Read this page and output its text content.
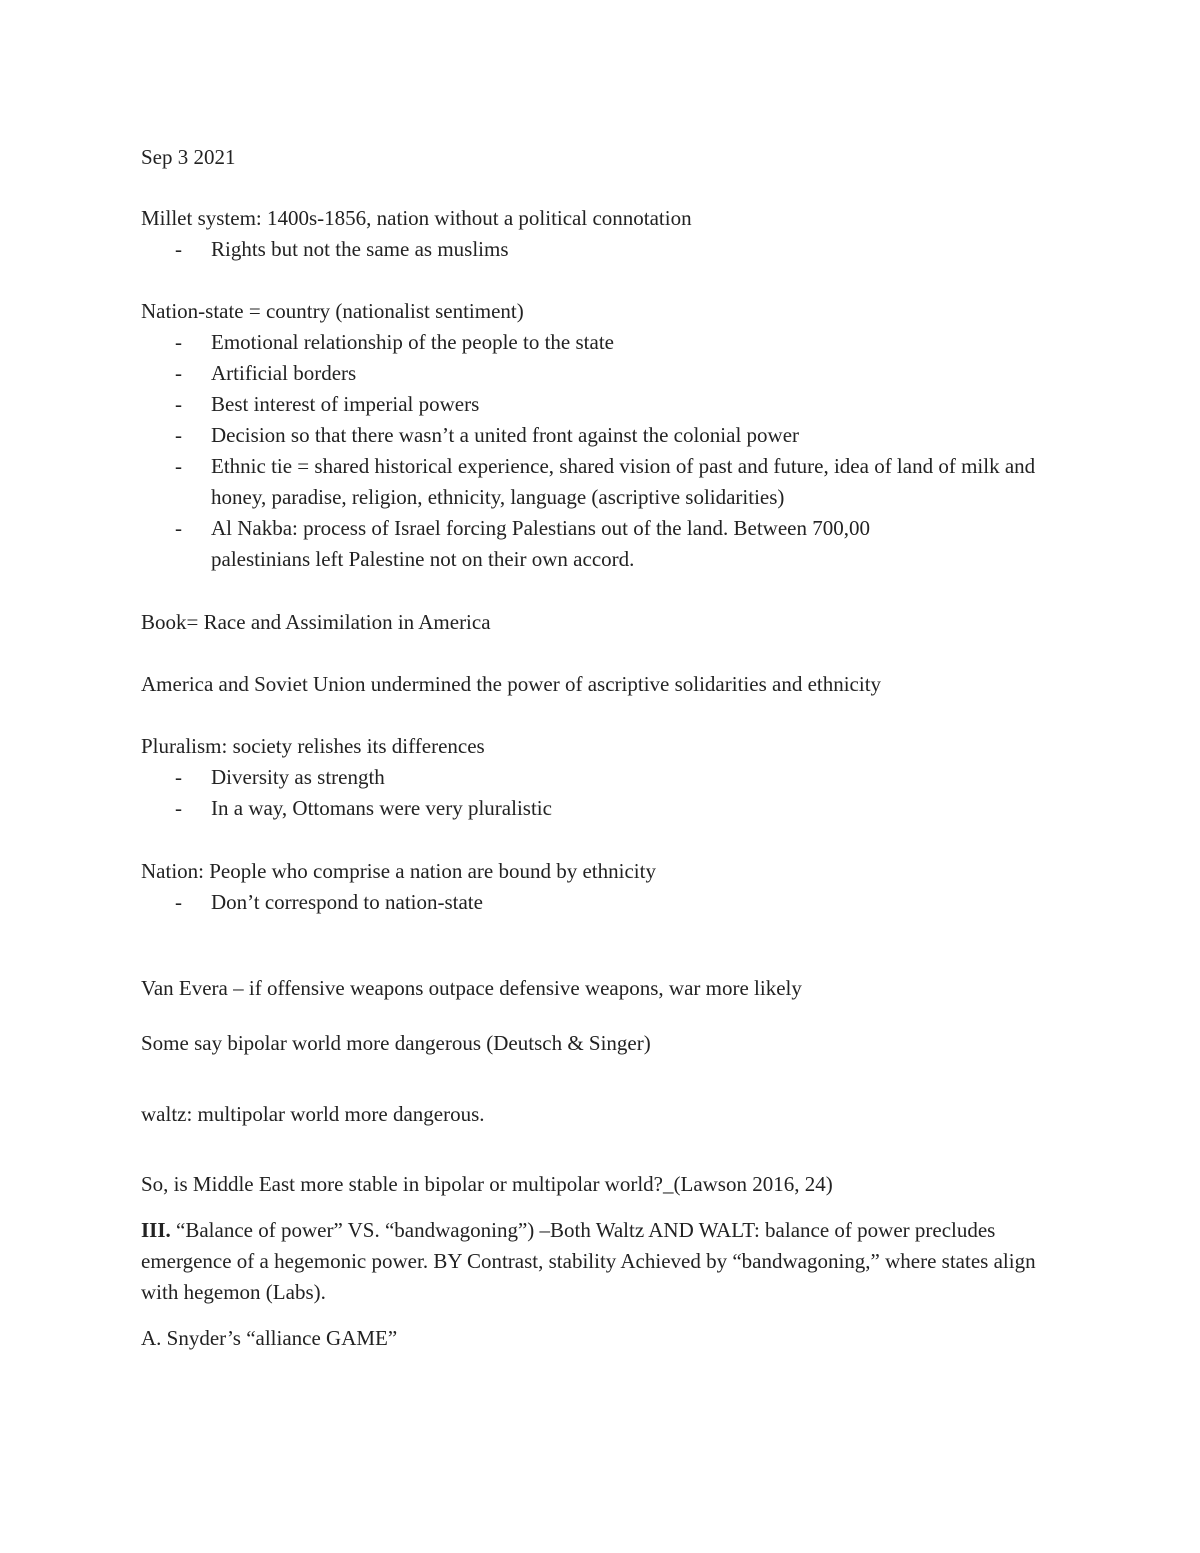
Sep 3 2021
Millet system: 1400s-1856, nation without a political connotation
- Rights but not the same as muslims
Nation-state = country (nationalist sentiment)
- Emotional relationship of the people to the state
- Artificial borders
- Best interest of imperial powers
- Decision so that there wasn’t a united front against the colonial power
- Ethnic tie = shared historical experience, shared vision of past and future, idea of land of milk and honey, paradise, religion, ethnicity, language (ascriptive solidarities)
- Al Nakba: process of Israel forcing Palestians out of the land. Between 700,00 palestinians left Palestine not on their own accord.
Book= Race and Assimilation in America
America and Soviet Union undermined the power of ascriptive solidarities and ethnicity
Pluralism: society relishes its differences
- Diversity as strength
- In a way, Ottomans were very pluralistic
Nation: People who comprise a nation are bound by ethnicity
- Don’t correspond to nation-state
Van Evera – if offensive weapons outpace defensive weapons, war more likely
Some say bipolar world more dangerous (Deutsch & Singer)
waltz: multipolar world more dangerous.
So, is Middle East more stable in bipolar or multipolar world?_(Lawson 2016, 24)
III. “Balance of power” VS. “bandwagoning”) –Both Waltz AND WALT: balance of power precludes emergence of a hegemonic power. BY Contrast, stability Achieved by “bandwagoning,” where states align with hegemon (Labs).
A. Snyder’s “alliance GAME”
